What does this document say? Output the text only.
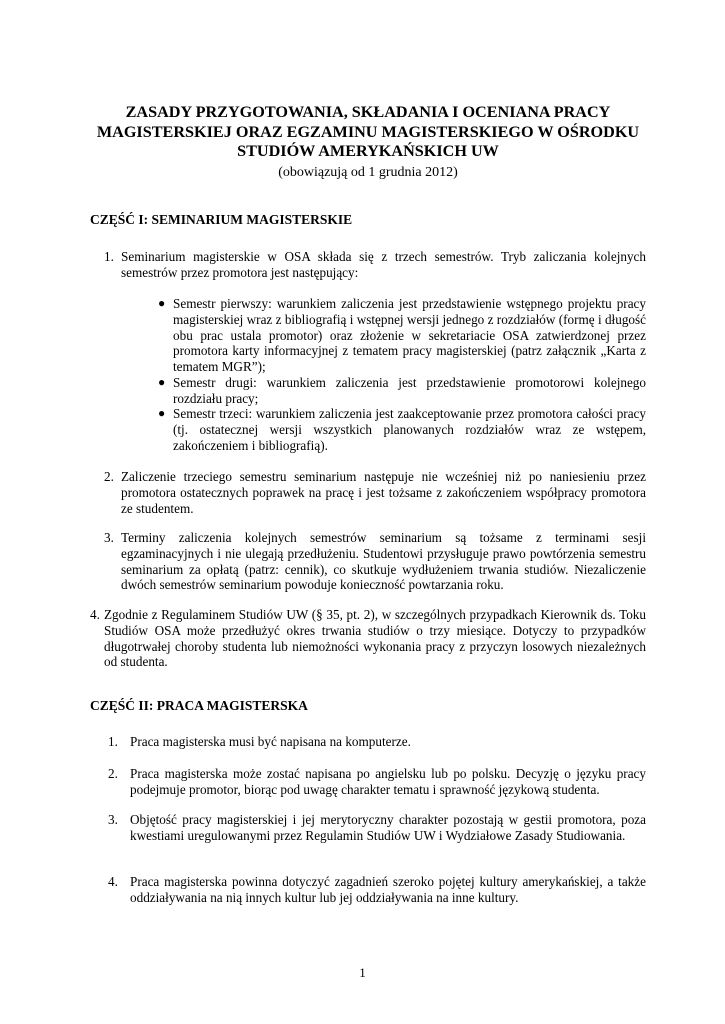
ZASADY PRZYGOTOWANIA, SKŁADANIA I OCENIANA PRACY MAGISTERSKIEJ ORAZ EGZAMINU MAGISTERSKIEGO W OŚRODKU STUDIÓW AMERYKAŃSKICH UW
(obowiązują od 1 grudnia 2012)
CZĘŚĆ I: SEMINARIUM MAGISTERSKIE
1. Seminarium magisterskie w OSA składa się z trzech semestrów. Tryb zaliczania kolejnych semestrów przez promotora jest następujący:
● Semestr pierwszy: warunkiem zaliczenia jest przedstawienie wstępnego projektu pracy magisterskiej wraz z bibliografią i wstępnej wersji jednego z rozdziałów (formę i długość obu prac ustala promotor) oraz złożenie w sekretariacie OSA zatwierdzonej przez promotora karty informacyjnej z tematem pracy magisterskiej (patrz załącznik „Karta z tematem MGR”);
● Semestr drugi: warunkiem zaliczenia jest przedstawienie promotorowi kolejnego rozdziału pracy;
● Semestr trzeci: warunkiem zaliczenia jest zaakceptowanie przez promotora całości pracy (tj. ostatecznej wersji wszystkich planowanych rozdziałów wraz ze wstępem, zakończeniem i bibliografią).
2. Zaliczenie trzeciego semestru seminarium następuje nie wcześniej niż po naniesieniu przez promotora ostatecznych poprawek na pracę i jest tożsame z zakończeniem współpracy promotora ze studentem.
3. Terminy zaliczenia kolejnych semestrów seminarium są tożsame z terminami sesji egzaminacyjnych i nie ulegają przedłużeniu. Studentowi przysługuje prawo powtórzenia semestru seminarium za opłatą (patrz: cennik), co skutkuje wydłużeniem trwania studiów. Niezaliczenie dwóch semestrów seminarium powoduje konieczność powtarzania roku.
4. Zgodnie z Regulaminem Studiów UW (§ 35, pt. 2), w szczególnych przypadkach Kierownik ds. Toku Studiów OSA może przedłużyć okres trwania studiów o trzy miesiące. Dotyczy to przypadków długotrwałej choroby studenta lub niemożności wykonania pracy z przyczyn losowych niezależnych od studenta.
CZĘŚĆ II: PRACA MAGISTERSKA
1. Praca magisterska musi być napisana na komputerze.
2. Praca magisterska może zostać napisana po angielsku lub po polsku. Decyzję o języku pracy podejmuje promotor, biorąc pod uwagę charakter tematu i sprawność językową studenta.
3. Objętość pracy magisterskiej i jej merytoryczny charakter pozostają w gestii promotora, poza kwestiami uregulowanymi przez Regulamin Studiów UW i Wydziałowe Zasady Studiowania.
4. Praca magisterska powinna dotyczyć zagadnień szeroko pojętej kultury amerykańskiej, a także oddziaływania na nią innych kultur lub jej oddziaływania na inne kultury.
1
